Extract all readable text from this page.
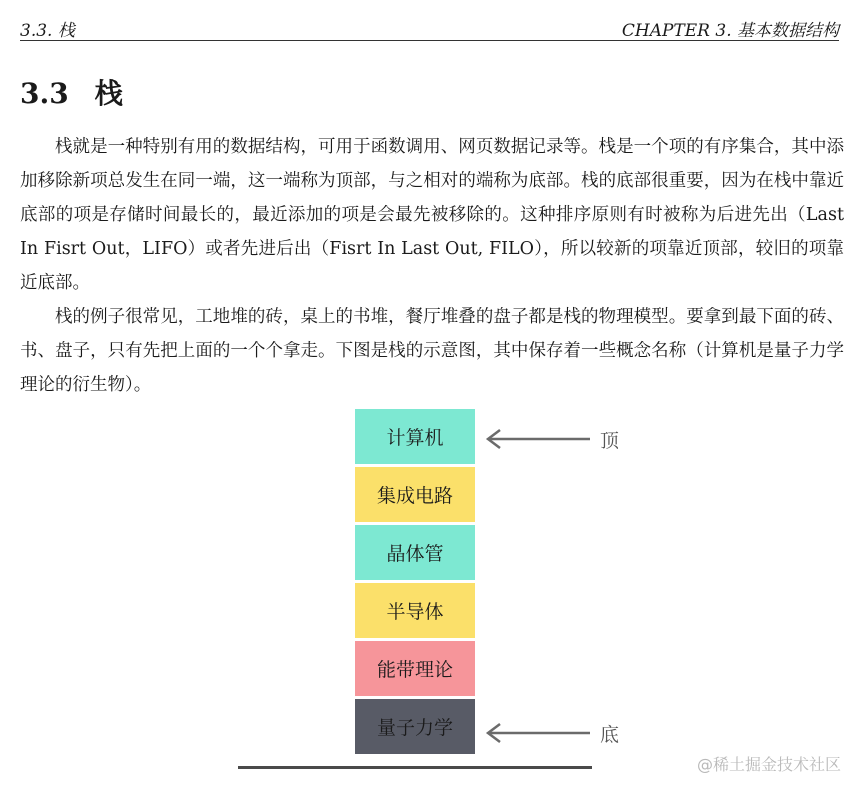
3.3. 栈	CHAPTER 3. 基本数据结构
3.3 栈

栈就是一种特别有用的数据结构，可用于函数调用、网页数据记录等。栈是一个项的有序集合，其中添加移除新项总发生在同一端，这一端称为顶部，与之相对的端称为底部。栈的底部很重要，因为在栈中靠近底部的项是存储时间最长的，最近添加的项是会最先被移除的。这种排序原则有时被称为后进先出（Last In Fisrt Out，LIFO）或者先进后出（Fisrt In Last Out, FILO），所以较新的项靠近顶部，较旧的项靠近底部。

栈的例子很常见，工地堆的砖，桌上的书堆，餐厅堆叠的盘子都是栈的物理模型。要拿到最下面的砖、书、盘子，只有先把上面的一个个拿走。下图是栈的示意图，其中保存着一些概念名称（计算机是量子力学理论的衍生物）。

计算机
集成电路
晶体管
半导体
能带理论
量子力学
顶
底
@稀土掘金技术社区
